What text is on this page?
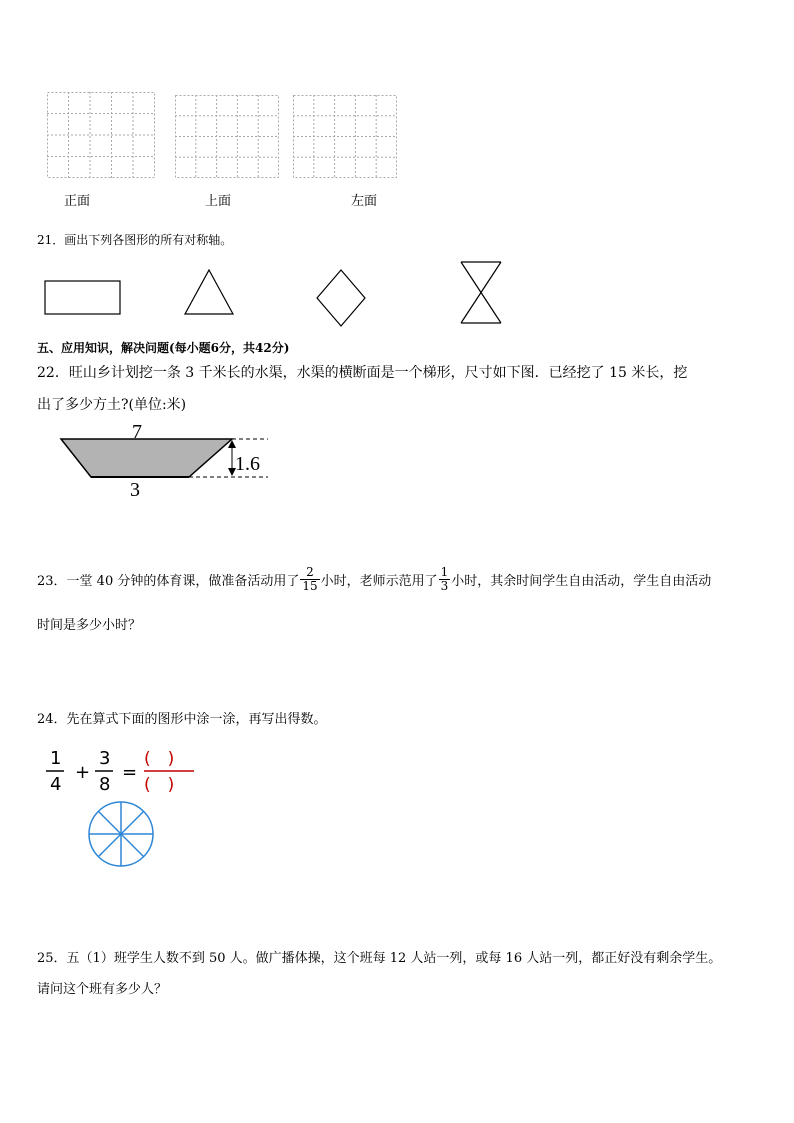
正面	上面	左面
21．画出下列各图形的所有对称轴。
五、应用知识，解决问题(每小题6分，共42分)
22．旺山乡计划挖一条 3 千米长的水渠，水渠的横断面是一个梯形，尺寸如下图．已经挖了 15 米长，挖
出了多少方土?(单位:米)
7
3
1.6
23．一堂 40 分钟的体育课，做准备活动用了 $\frac{2}{15}$ 小时，老师示范用了 $\frac{1}{3}$ 小时，其余时间学生自由活动，学生自由活动
时间是多少小时？
24．先在算式下面的图形中涂一涂，再写出得数。
1
4
+
3
8
=
(　)
(　)
25．五（1）班学生人数不到 50 人。做广播体操，这个班每 12 人站一列，或每 16 人站一列，都正好没有剩余学生。
请问这个班有多少人？
